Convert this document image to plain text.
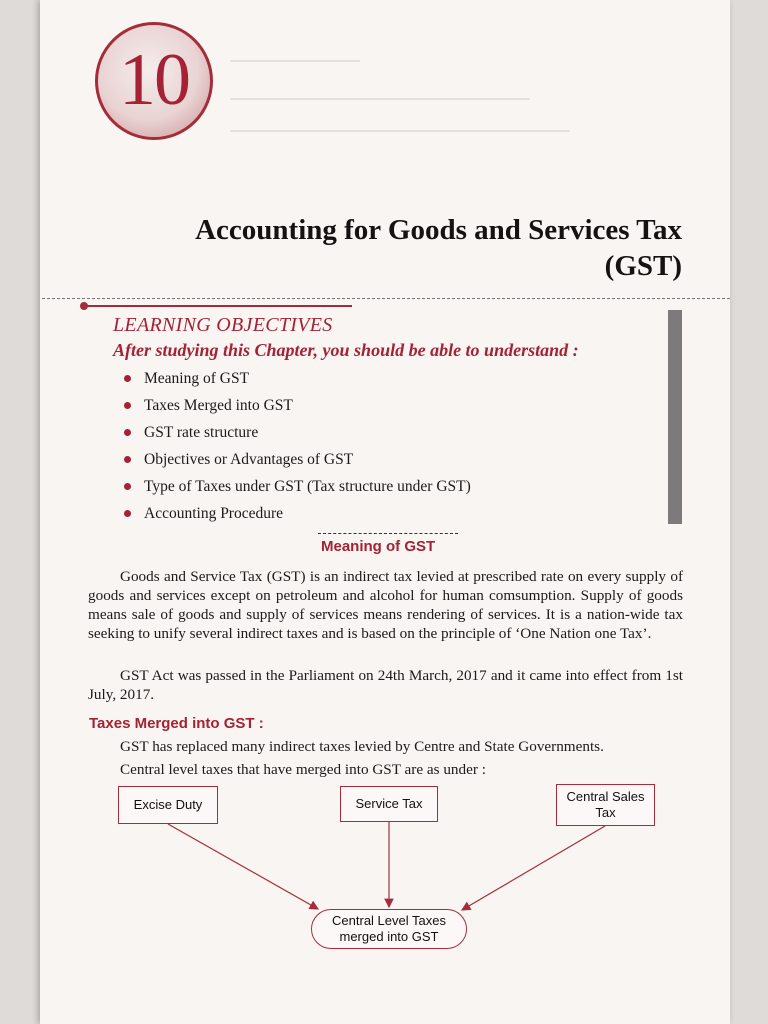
10
Accounting for Goods and Services Tax
(GST)
LEARNING OBJECTIVES
After studying this Chapter, you should be able to understand :
Meaning of GST
Taxes Merged into GST
GST rate structure
Objectives or Advantages of GST
Type of Taxes under GST (Tax structure under GST)
Accounting Procedure
Meaning of GST

Goods and Service Tax (GST) is an indirect tax levied at prescribed rate on every supply of goods and services except on petroleum and alcohol for human comsumption. Supply of goods means sale of goods and supply of services means rendering of services. It is a nation-wide tax seeking to unify several indirect taxes and is based on the principle of ‘One Nation one Tax’.

GST Act was passed in the Parliament on 24th March, 2017 and it came into effect from 1st July, 2017.

Taxes Merged into GST :

GST has replaced many indirect taxes levied by Centre and State Governments.

Central level taxes that have merged into GST are as under :

Excise Duty	Service Tax	Central Sales
Tax
Central Level Taxes
merged into GST
